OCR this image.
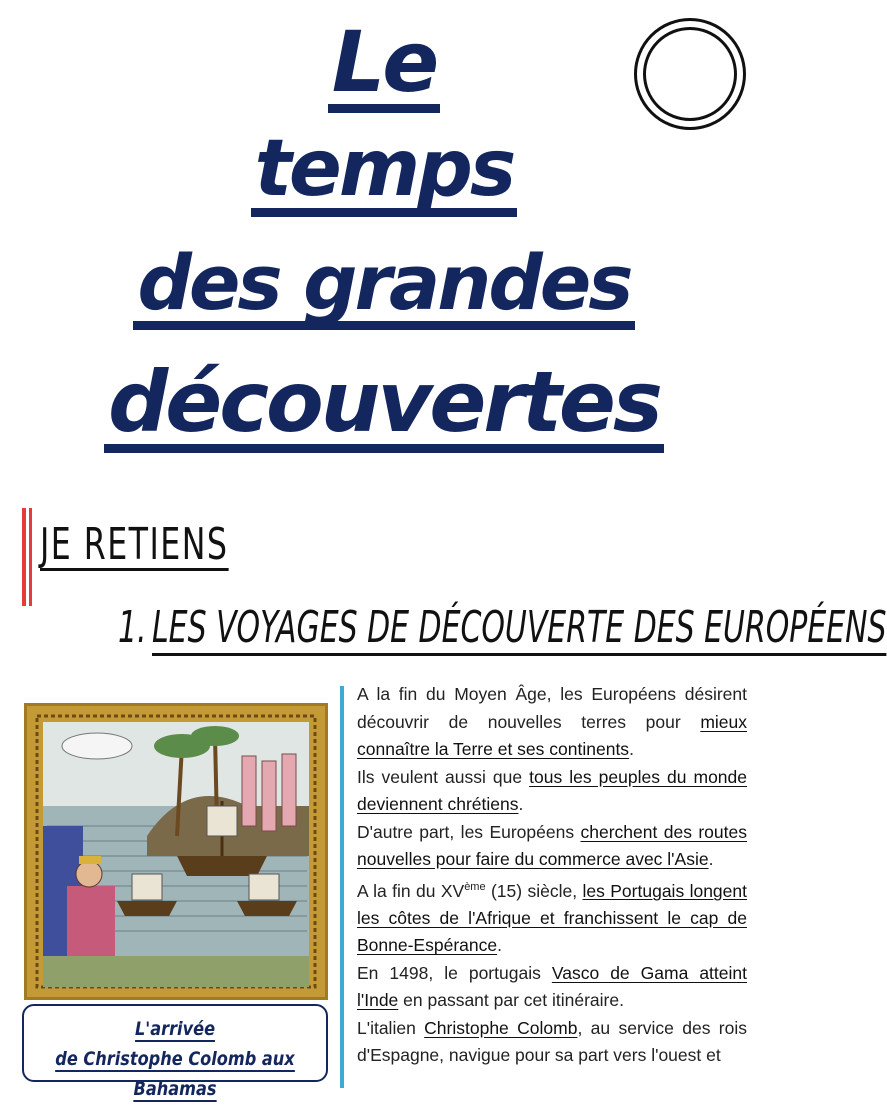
Le
temps
des grandes
découvertes
JE RETIENS
1. LES VOYAGES DE DÉCOUVERTE DES EUROPÉENS
L'arrivée
de Christophe Colomb aux Bahamas

A la fin du Moyen Âge, les Européens désirent découvrir de nouvelles terres pour mieux connaître la Terre et ses continents.

Ils veulent aussi que tous les peuples du monde deviennent chrétiens.

D'autre part, les Européens cherchent des routes nouvelles pour faire du commerce avec l'Asie.

A la fin du XVème (15) siècle, les Portugais longent les côtes de l'Afrique et franchissent le cap de Bonne-Espérance.

En 1498, le portugais Vasco de Gama atteint l'Inde en passant par cet itinéraire.

L'italien Christophe Colomb, au service des rois d'Espagne, navigue pour sa part vers l'ouest et
